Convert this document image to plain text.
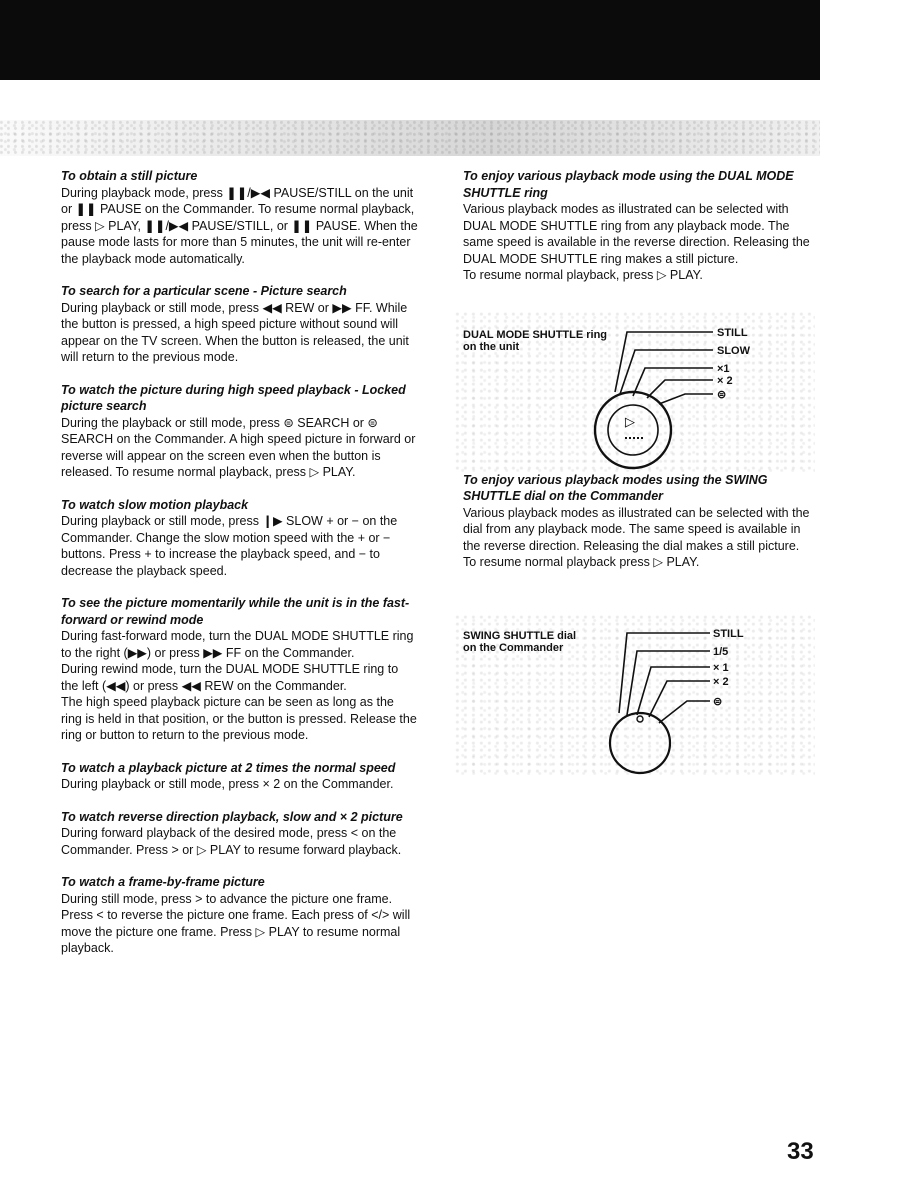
To obtain a still picture

During playback mode, press ❚❚/▶◀ PAUSE/STILL on the unit or ❚❚ PAUSE on the Commander. To resume normal playback, press ▷ PLAY, ❚❚/▶◀ PAUSE/STILL, or ❚❚ PAUSE. When the pause mode lasts for more than 5 minutes, the unit will re-enter the playback mode automatically.

To search for a particular scene - Picture search

During playback or still mode, press ◀◀ REW or ▶▶ FF. While the button is pressed, a high speed picture without sound will appear on the TV screen. When the button is released, the unit will return to the previous mode.

To watch the picture during high speed playback - Locked picture search

During the playback or still mode, press ⊜ SEARCH or ⊜ SEARCH on the Commander. A high speed picture in forward or reverse will appear on the screen even when the button is released. To resume normal playback, press ▷ PLAY.

To watch slow motion playback

During playback or still mode, press ❙▶ SLOW + or − on the Commander. Change the slow motion speed with the + or − buttons. Press + to increase the playback speed, and − to decrease the playback speed.

To see the picture momentarily while the unit is in the fast-forward or rewind mode

During fast-forward mode, turn the DUAL MODE SHUTTLE ring to the right (▶▶) or press ▶▶ FF on the Commander.

During rewind mode, turn the DUAL MODE SHUTTLE ring to the left (◀◀) or press ◀◀ REW on the Commander.

The high speed playback picture can be seen as long as the ring is held in that position, or the button is pressed. Release the ring or button to return to the previous mode.

To watch a playback picture at 2 times the normal speed

During playback or still mode, press × 2 on the Commander.

To watch reverse direction playback, slow and × 2 picture

During forward playback of the desired mode, press < on the Commander. Press > or ▷ PLAY to resume forward playback.

To watch a frame-by-frame picture

During still mode, press > to advance the picture one frame. Press < to reverse the picture one frame. Each press of </> will move the picture one frame. Press ▷ PLAY to resume normal playback.

To enjoy various playback mode using the DUAL MODE SHUTTLE ring

Various playback modes as illustrated can be selected with DUAL MODE SHUTTLE ring from any playback mode. The same speed is available in the reverse direction. Releasing the DUAL MODE SHUTTLE ring makes a still picture.

To resume normal playback, press ▷ PLAY.

To enjoy various playback modes using the SWING SHUTTLE dial on the Commander

Various playback modes as illustrated can be selected with the dial from any playback mode. The same speed is available in the reverse direction. Releasing the dial makes a still picture. To resume normal playback press ▷ PLAY.

DUAL MODE SHUTTLE ring
on the unit
▷
STILL
SLOW
×1
× 2
⊜
SWING SHUTTLE dial
on the Commander
STILL
1/5
× 1
× 2
⊜
33
